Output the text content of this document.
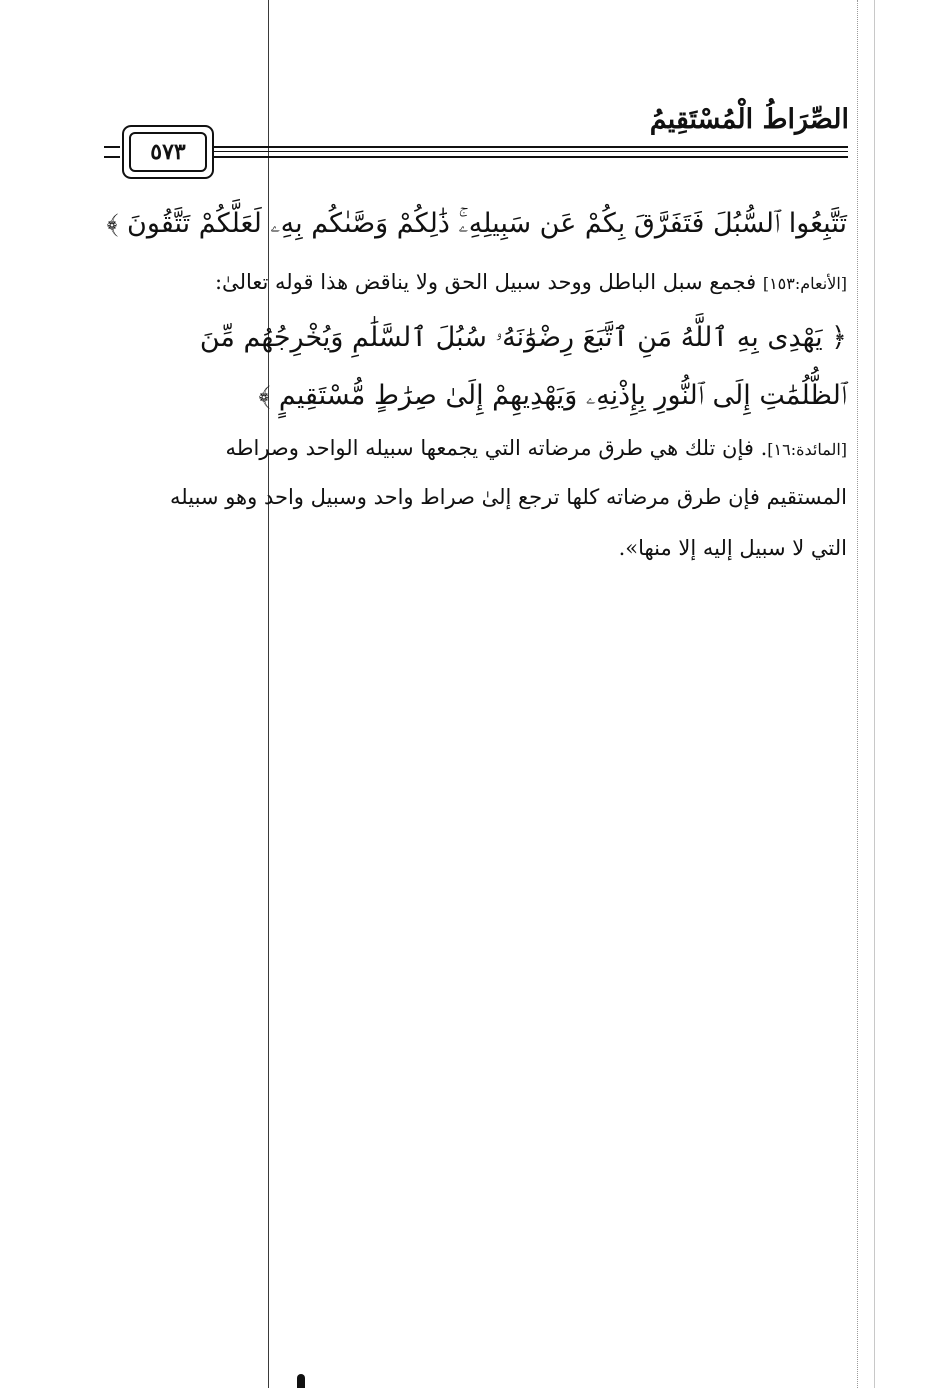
الصِّرَاطُ الْمُسْتَقِيمُ
٥٧٣
تَتَّبِعُوا ٱلسُّبُلَ فَتَفَرَّقَ بِكُمْ عَن سَبِيلِهِۦۚ ذَٰلِكُمْ وَصَّىٰكُم بِهِۦ لَعَلَّكُمْ تَتَّقُونَ ﴾
[الأنعام:١٥٣] فجمع سبل الباطل ووحد سبيل الحق ولا يناقض هذا قوله تعالىٰ:
﴿ يَهْدِى بِهِ ٱللَّهُ مَنِ ٱتَّبَعَ رِضْوَٰنَهُۥ سُبُلَ ٱلسَّلَٰمِ وَيُخْرِجُهُم مِّنَ
ٱلظُّلُمَٰتِ إِلَى ٱلنُّورِ بِإِذْنِهِۦ وَيَهْدِيهِمْ إِلَىٰ صِرَٰطٍ مُّسْتَقِيمٍ ﴾
[المائدة:١٦]. فإن تلك هي طرق مرضاته التي يجمعها سبيله الواحد وصراطه
المستقيم فإن طرق مرضاته كلها ترجع إلىٰ صراط واحد وسبيل واحد وهو سبيله
التي لا سبيل إليه إلا منها».
